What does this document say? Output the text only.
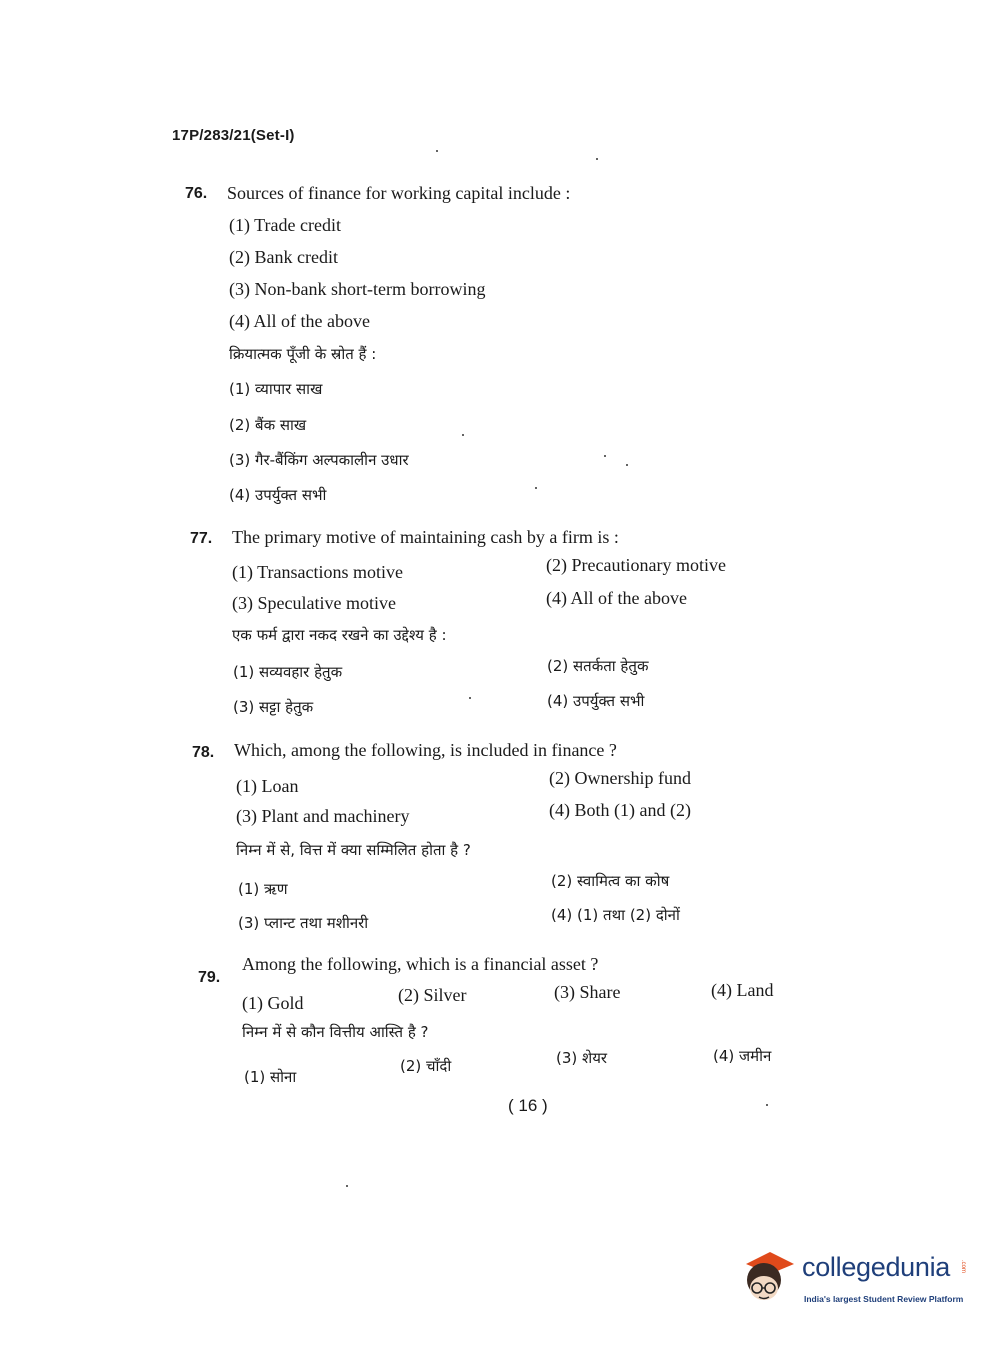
17P/283/21(Set-I)
76. Sources of finance for working capital include :
(1) Trade credit
(2) Bank credit
(3) Non-bank short-term borrowing
(4) All of the above
क्रियात्मक पूँजी के स्रोत हैं :
(1) व्यापार साख
(2) बैंक साख
(3) गैर-बैंकिंग अल्पकालीन उधार
(4) उपर्युक्त सभी
77. The primary motive of maintaining cash by a firm is :
(1) Transactions motive	(2) Precautionary motive
(3) Speculative motive	(4) All of the above
एक फर्म द्वारा नकद रखने का उद्देश्य है :
(1) सव्यवहार हेतुक	(2) सतर्कता हेतुक
(3) सट्टा हेतुक	(4) उपर्युक्त सभी
78. Which, among the following, is included in finance ?
(1) Loan	(2) Ownership fund
(3) Plant and machinery	(4) Both (1) and (2)
निम्न में से, वित्त में क्या सम्मिलित होता है ?
(1) ऋण	(2) स्वामित्व का कोष
(3) प्लान्ट तथा मशीनरी	(4) (1) तथा (2) दोनों
79.
Among the following, which is a financial asset ?
(1) Gold	(2) Silver	(3) Share	(4) Land
निम्न में से कौन वित्तीय आस्ति है ?
(1) सोना
(2) चाँदी	(3) शेयर	(4) जमीन
( 16 )
collegedunia .com
India's largest Student Review Platform
